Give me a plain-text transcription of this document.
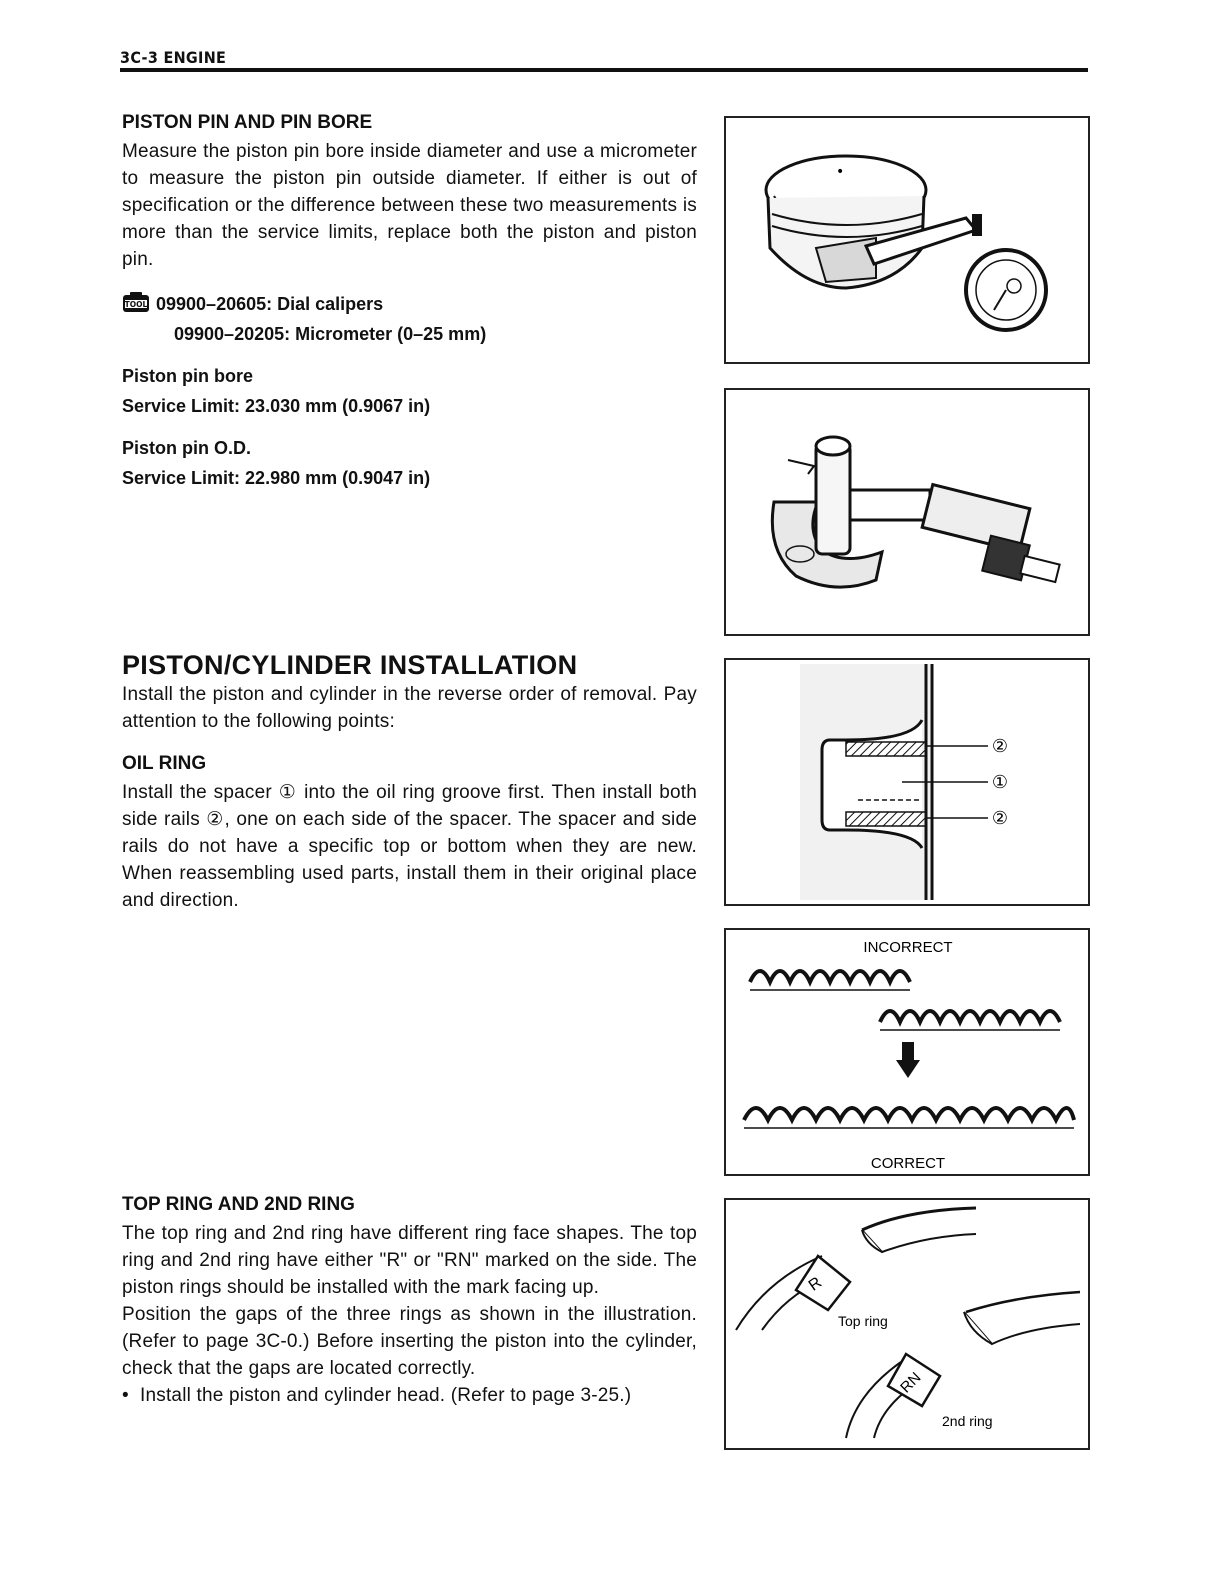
3C-3 ENGINE
PISTON PIN AND PIN BORE

Measure the piston pin bore inside diameter and use a micrometer to measure the piston pin outside diameter. If either is out of specification or the difference between these two measurements is more than the service limits, replace both the piston and piston pin.

TOOL 09900–20605: Dial calipers
09900–20205: Micrometer (0–25 mm)
Piston pin bore
Service Limit: 23.030 mm (0.9067 in)
Piston pin O.D.
Service Limit: 22.980 mm (0.9047 in)
PISTON/CYLINDER INSTALLATION

Install the piston and cylinder in the reverse order of removal. Pay attention to the following points:

OIL RING

Install the spacer ① into the oil ring groove first. Then install both side rails ②, one on each side of the spacer. The spacer and side rails do not have a specific top or bottom when they are new. When reassembling used parts, install them in their original place and direction.

TOP RING AND 2ND RING

The top ring and 2nd ring have different ring face shapes. The top ring and 2nd ring have either "R" or "RN" marked on the side. The piston rings should be installed with the mark facing up.

Position the gaps of the three rings as shown in the illustration. (Refer to page 3C-0.) Before inserting the piston into the cylinder, check that the gaps are located correctly.

• Install the piston and cylinder head. (Refer to page 3-25.)

•
②
①
②
INCORRECT
CORRECT
R
Top ring
RN
2nd ring
